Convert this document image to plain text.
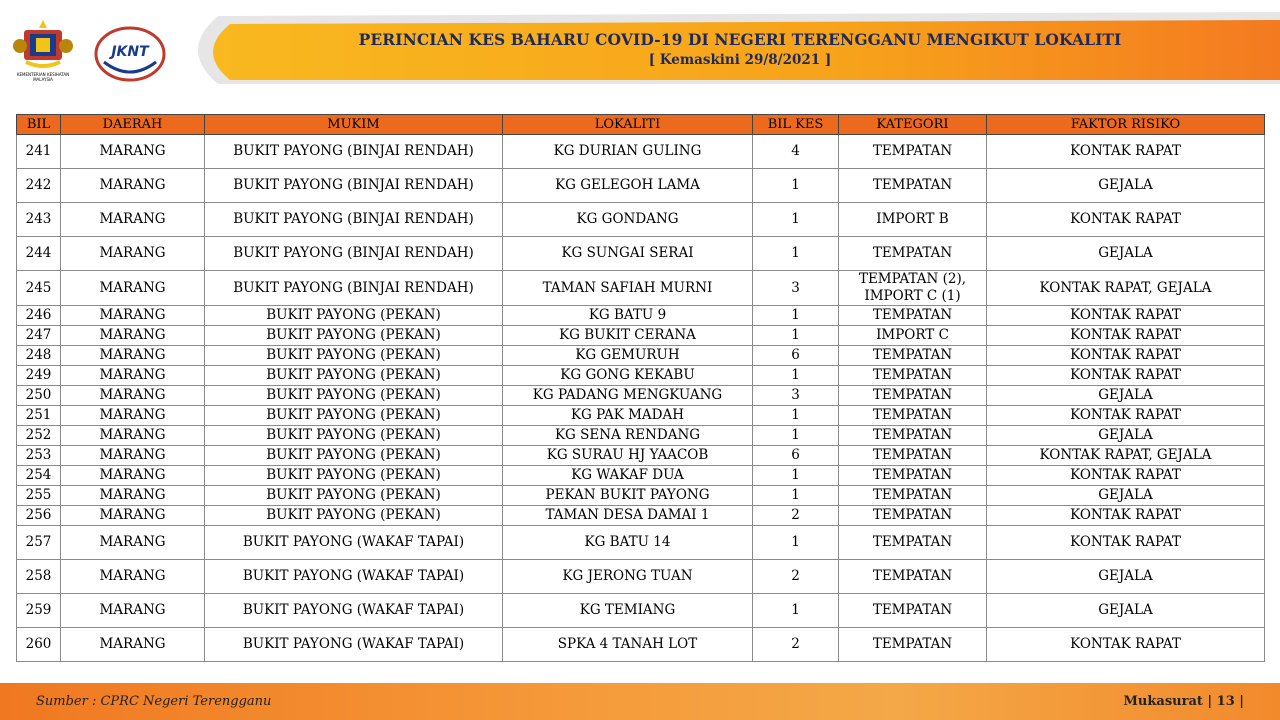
KEMENTERIAN KESIHATAN MALAYSIA
JKNT
PERINCIAN KES BAHARU COVID-19 DI NEGERI TERENGGANU MENGIKUT LOKALITI
[ Kemaskini 29/8/2021 ]
BIL	DAERAH	MUKIM	LOKALITI	BIL KES	KATEGORI	FAKTOR RISIKO
241	MARANG	BUKIT PAYONG (BINJAI RENDAH)	KG DURIAN GULING	4	TEMPATAN	KONTAK RAPAT
242	MARANG	BUKIT PAYONG (BINJAI RENDAH)	KG GELEGOH LAMA	1	TEMPATAN	GEJALA
243	MARANG	BUKIT PAYONG (BINJAI RENDAH)	KG GONDANG	1	IMPORT B	KONTAK RAPAT
244	MARANG	BUKIT PAYONG (BINJAI RENDAH)	KG SUNGAI SERAI	1	TEMPATAN	GEJALA
245	MARANG	BUKIT PAYONG (BINJAI RENDAH)	TAMAN SAFIAH MURNI	3	TEMPATAN (2), IMPORT C (1)	KONTAK RAPAT, GEJALA
246	MARANG	BUKIT PAYONG (PEKAN)	KG BATU 9	1	TEMPATAN	KONTAK RAPAT
247	MARANG	BUKIT PAYONG (PEKAN)	KG BUKIT CERANA	1	IMPORT C	KONTAK RAPAT
248	MARANG	BUKIT PAYONG (PEKAN)	KG GEMURUH	6	TEMPATAN	KONTAK RAPAT
249	MARANG	BUKIT PAYONG (PEKAN)	KG GONG KEKABU	1	TEMPATAN	KONTAK RAPAT
250	MARANG	BUKIT PAYONG (PEKAN)	KG PADANG MENGKUANG	3	TEMPATAN	GEJALA
251	MARANG	BUKIT PAYONG (PEKAN)	KG PAK MADAH	1	TEMPATAN	KONTAK RAPAT
252	MARANG	BUKIT PAYONG (PEKAN)	KG SENA RENDANG	1	TEMPATAN	GEJALA
253	MARANG	BUKIT PAYONG (PEKAN)	KG SURAU HJ YAACOB	6	TEMPATAN	KONTAK RAPAT, GEJALA
254	MARANG	BUKIT PAYONG (PEKAN)	KG WAKAF DUA	1	TEMPATAN	KONTAK RAPAT
255	MARANG	BUKIT PAYONG (PEKAN)	PEKAN BUKIT PAYONG	1	TEMPATAN	GEJALA
256	MARANG	BUKIT PAYONG (PEKAN)	TAMAN DESA DAMAI 1	2	TEMPATAN	KONTAK RAPAT
257	MARANG	BUKIT PAYONG (WAKAF TAPAI)	KG BATU 14	1	TEMPATAN	KONTAK RAPAT
258	MARANG	BUKIT PAYONG (WAKAF TAPAI)	KG JERONG TUAN	2	TEMPATAN	GEJALA
259	MARANG	BUKIT PAYONG (WAKAF TAPAI)	KG TEMIANG	1	TEMPATAN	GEJALA
260	MARANG	BUKIT PAYONG (WAKAF TAPAI)	SPKA 4 TANAH LOT	2	TEMPATAN	KONTAK RAPAT
Sumber : CPRC Negeri Terengganu	Mukasurat | 13 |
